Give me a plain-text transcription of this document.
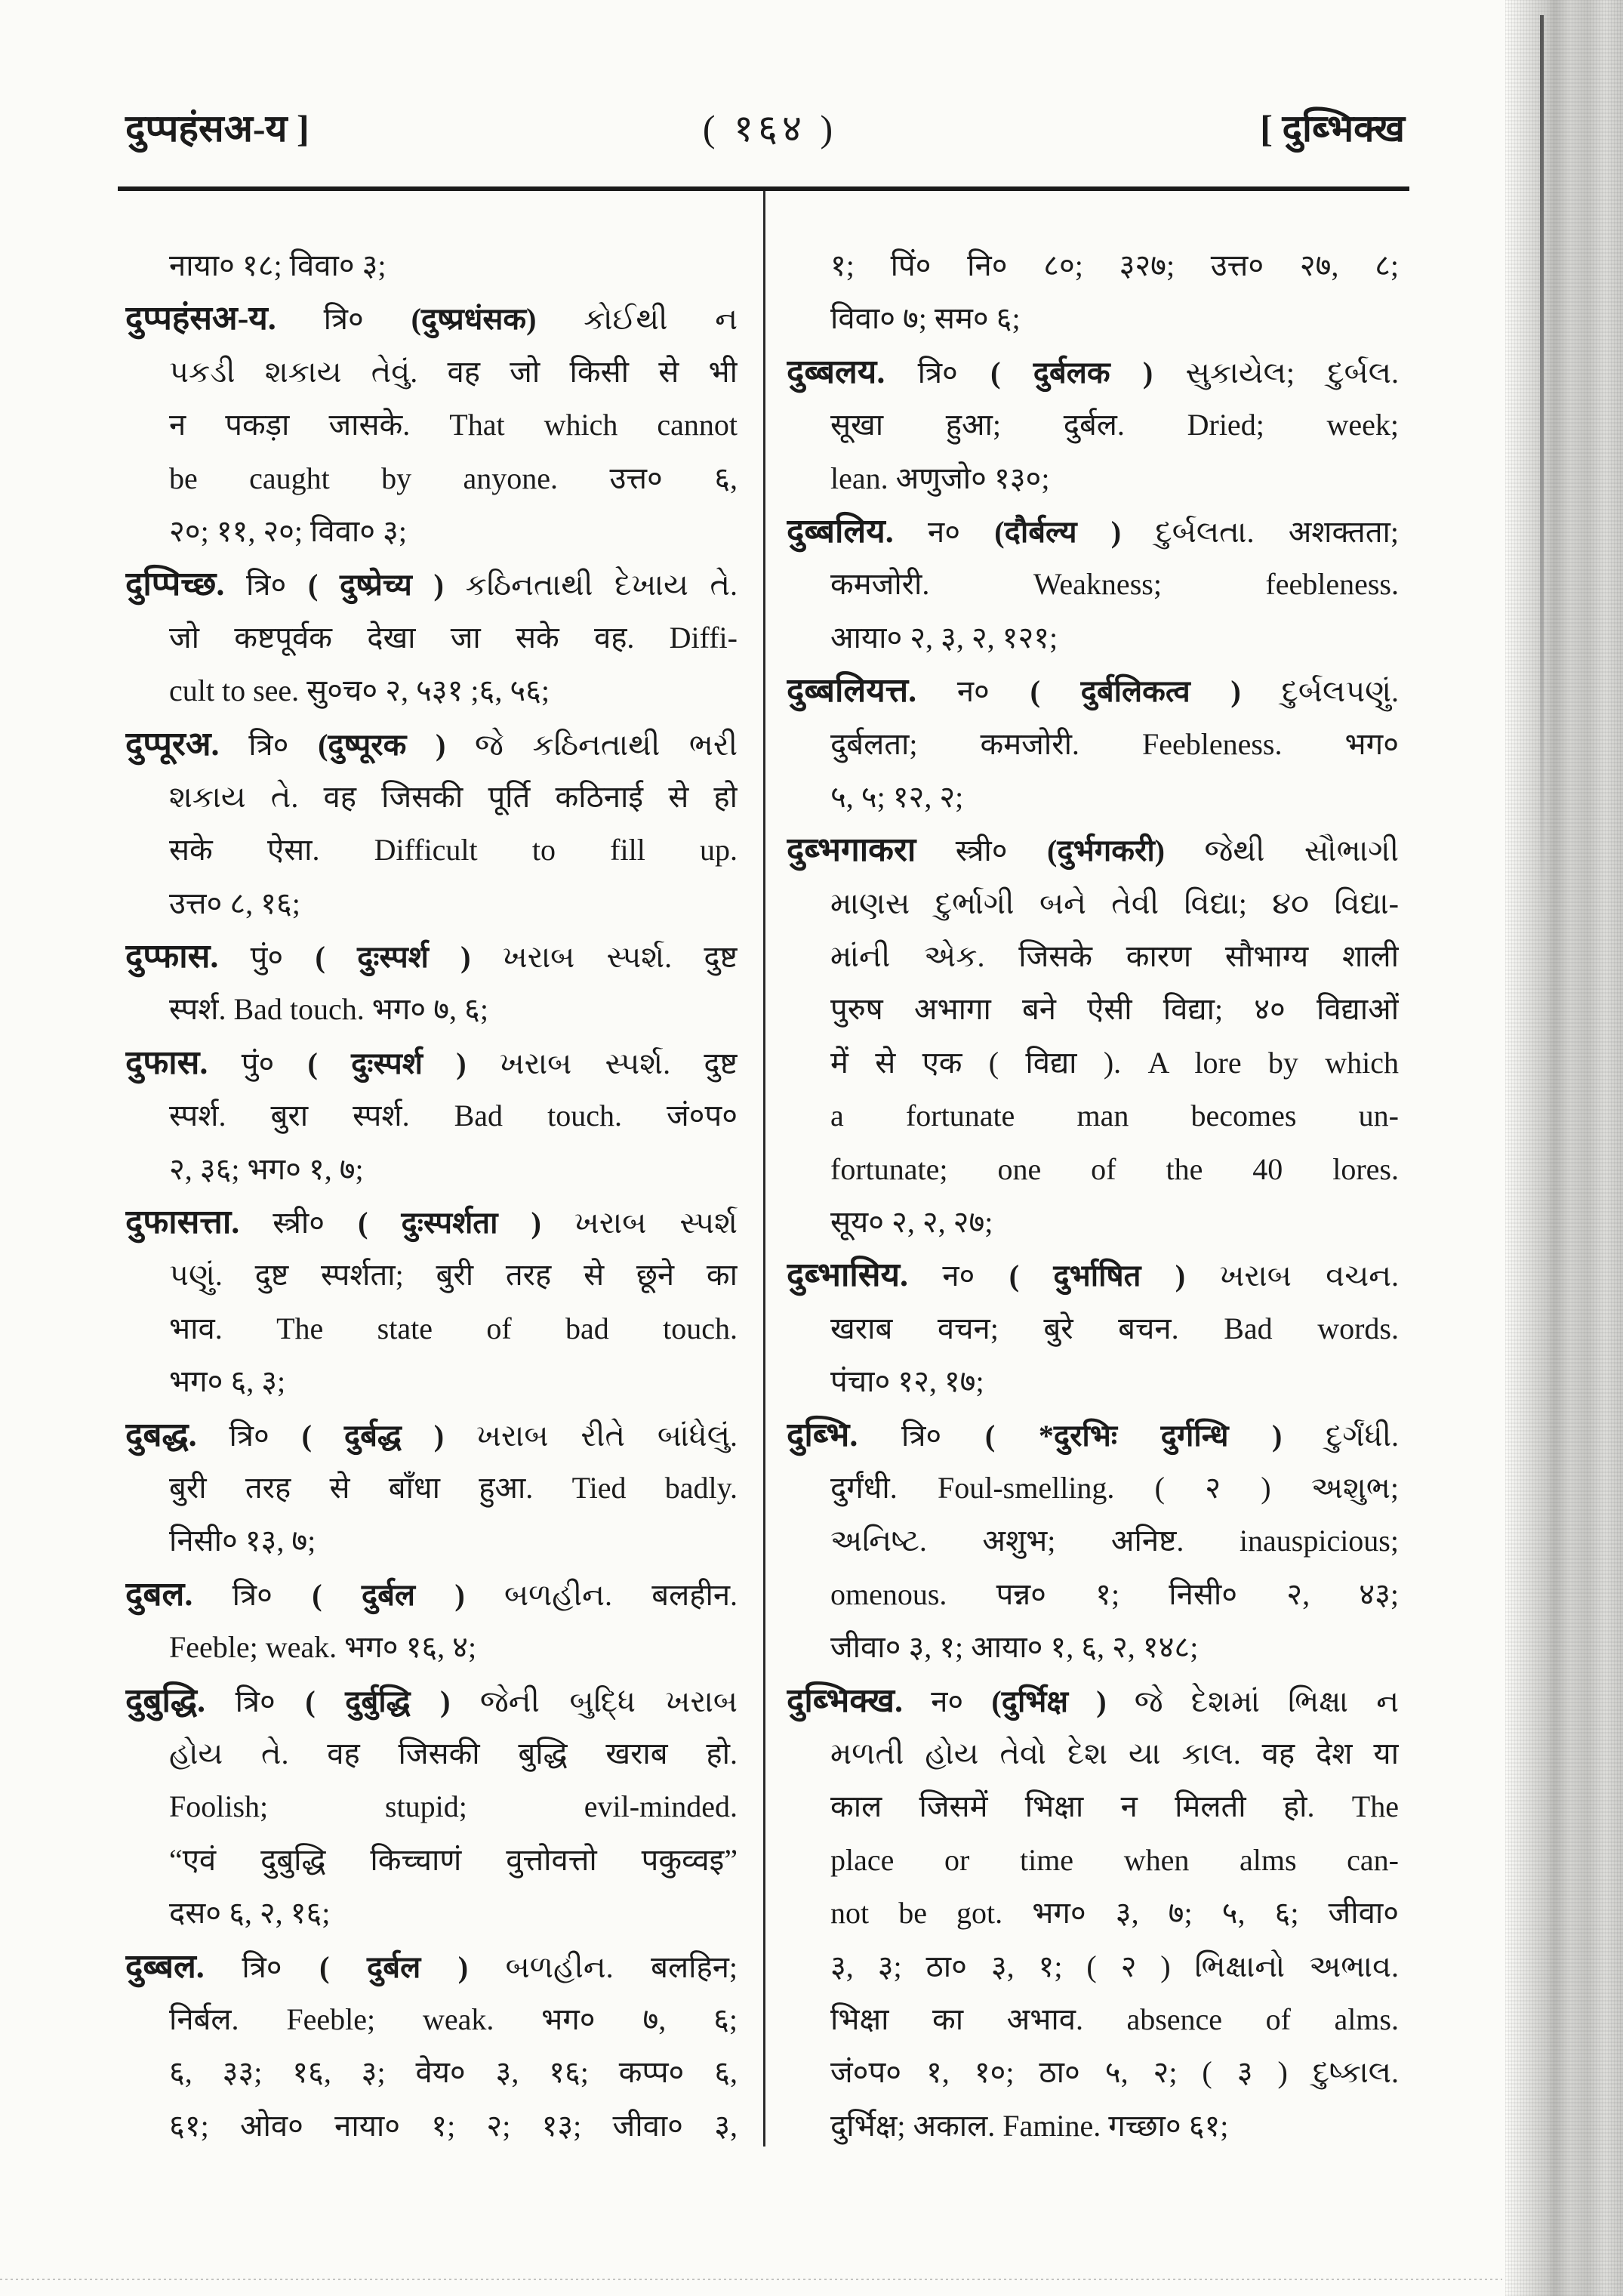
दुप्पहंसअ-य ]	( १६४ )	[ दुब्भिक्ख
नाया० १८; विवा० ३;
दुप्पहंसअ-य. त्रि० (दुष्प्रधंसक) કોઈથી ન
પકડી શકાય તેવું. वह जो किसी से भी
न पकड़ा जासके. That which cannot
be caught by anyone. उत्त० ६,
२०; ११, २०; विवा० ३;
दुप्पिच्छ. त्रि० ( दुष्प्रेच्य ) કઠિનતાથી દેખાય તે.
जो कष्टपूर्वक देखा जा सके वह. Diffi-
cult to see. सु०च० २, ५३१ ;६, ५६;
दुप्पूरअ. त्रि० (दुष्पूरक ) જે કઠિનતાથી ભરી
શકાય તે. वह जिसकी पूर्ति कठिनाई से हो
सके ऐसा. Difficult to fill up.
उत्त० ८, १६;
दुप्फास. पुं० ( दुःस्पर्श ) ખરાબ સ્પર્શ. दुष्ट
स्पर्श. Bad touch. भग० ७, ६;
दुफास. पुं० ( दुःस्पर्श ) ખરાબ સ્પર્શ. दुष्ट
स्पर्श. बुरा स्पर्श. Bad touch. जं०प०
२, ३६; भग० १, ७;
दुफासत्ता. स्त्री० ( दुःस्पर्शता ) ખરાબ સ્પર્શ
પણું. दुष्ट स्पर्शता; बुरी तरह से छूने का
भाव. The state of bad touch.
भग० ६, ३;
दुबद्ध. त्रि० ( दुर्बद्ध ) ખરાબ રીતે બાંધેલું.
बुरी तरह से बाँधा हुआ. Tied badly.
निसी० १३, ७;
दुबल. त्रि० ( दुर्बल ) બળહીન. बलहीन.
Feeble; weak. भग० १६, ४;
दुबुद्धि. त्रि० ( दुर्बुद्धि ) જેની બુદ્ધિ ખરાબ
હોય તે. वह जिसकी बुद्धि खराब हो.
Foolish; stupid; evil-minded.
“एवं दुबुद्धि किच्चाणं वुत्तोवत्तो पकुव्वइ”
दस० ६, २, १६;
दुब्बल. त्रि० ( दुर्बल ) બળહીન. बलहिन;
निर्बल. Feeble; weak. भग० ७, ६;
६, ३३; १६, ३; वेय० ३, १६; कप्प० ६,
६१; ओव० नाया० १; २; १३; जीवा० ३,
१; पिं० नि० ८०; ३२७; उत्त० २७, ८;
विवा० ७; सम० ६;
दुब्बलय. त्रि० ( दुर्बलक ) સુકાયેલ; દુર્બલ.
सूखा हुआ; दुर्बल. Dried; week;
lean. अणुजो० १३०;
दुब्बलिय. न० (दौर्बल्य ) દુર્બલતા. अशक्तता;
कमजोरी. Weakness; feebleness.
आया० २, ३, २, १२१;
दुब्बलियत्त. न० ( दुर्बलिकत्व ) દુર્બલપણું.
दुर्बलता; कमजोरी. Feebleness. भग०
५, ५; १२, २;
दुब्भगाकरा स्त्री० (दुर्भगकरी) જેથી સૌભાગી
માણસ દુર્ભાગી બને તેવી વિદ્યા; ૪૦ વિદ્યા-
માંની એક. जिसके कारण सौभाग्य शाली
पुरुष अभागा बने ऐसी विद्या; ४० विद्याओं
में से एक ( विद्या ). A lore by which
a fortunate man becomes un-
fortunate; one of the 40 lores.
सूय० २, २, २७;
दुब्भासिय. न० ( दुर्भाषित ) ખરાબ વચન.
खराब वचन; बुरे बचन. Bad words.
पंचा० १२, १७;
दुब्भि. त्रि० ( *दुरभिः दुर्गन्धि ) દુર્ગંધી.
दुर्गंधी. Foul-smelling. ( २ ) અશુભ;
અનિષ્ટ. अशुभ; अनिष्ट. inauspicious;
omenous. पन्न० १; निसी० २, ४३;
जीवा० ३, १; आया० १, ६, २, १४८;
दुब्भिक्ख. न० (दुर्भिक्ष ) જે દેશમાં ભિક્ષા ન
મળતી હોય તેવો દેશ યા કાલ. वह देश या
काल जिसमें भिक्षा न मिलती हो. The
place or time when alms can-
not be got. भग० ३, ७; ५, ६; जीवा०
३, ३; ठा० ३, १; ( २ ) ભિક્ષાનો અભાવ.
भिक्षा का अभाव. absence of alms.
जं०प० १, १०; ठा० ५, २; ( ३ ) દુષ્કાલ.
दुर्भिक्ष; अकाल. Famine. गच्छा० ६१;
